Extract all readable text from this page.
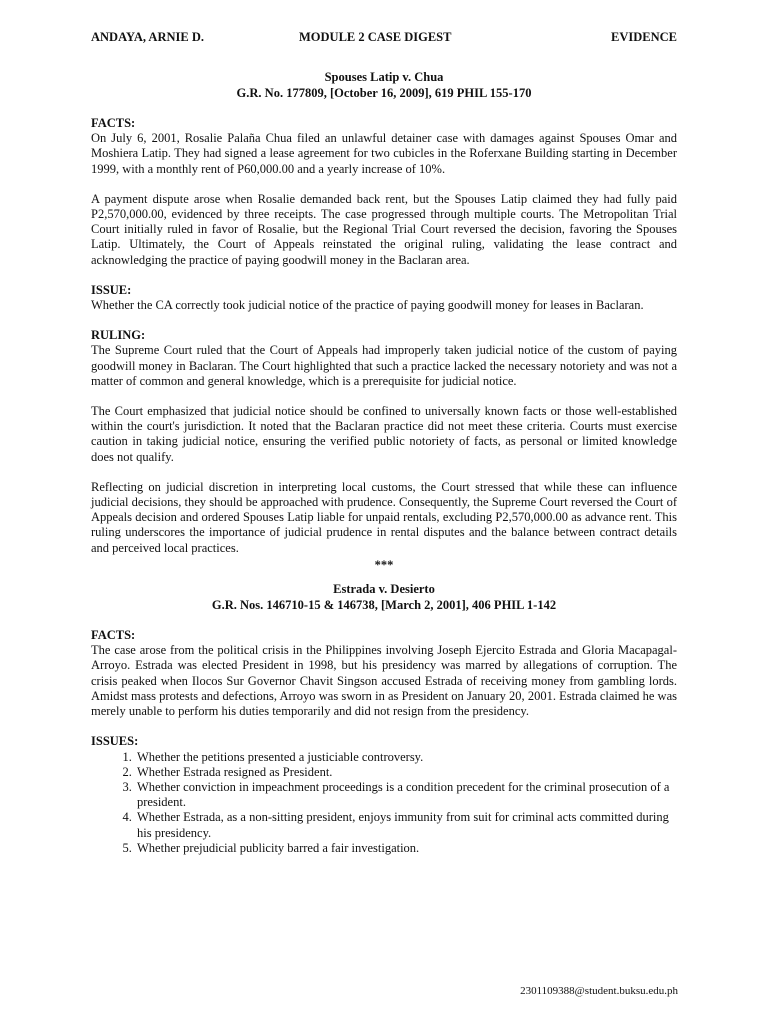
ANDAYA, ARNIE D.	MODULE 2 CASE DIGEST	EVIDENCE
Spouses Latip v. Chua
G.R. No. 177809, [October 16, 2009], 619 PHIL 155-170
FACTS:

On July 6, 2001, Rosalie Palaña Chua filed an unlawful detainer case with damages against Spouses Omar and Moshiera Latip. They had signed a lease agreement for two cubicles in the Roferxane Building starting in December 1999, with a monthly rent of P60,000.00 and a yearly increase of 10%.

A payment dispute arose when Rosalie demanded back rent, but the Spouses Latip claimed they had fully paid P2,570,000.00, evidenced by three receipts. The case progressed through multiple courts. The Metropolitan Trial Court initially ruled in favor of Rosalie, but the Regional Trial Court reversed the decision, favoring the Spouses Latip. Ultimately, the Court of Appeals reinstated the original ruling, validating the lease contract and acknowledging the practice of paying goodwill money in the Baclaran area.

ISSUE:

Whether the CA correctly took judicial notice of the practice of paying goodwill money for leases in Baclaran.

RULING:

The Supreme Court ruled that the Court of Appeals had improperly taken judicial notice of the custom of paying goodwill money in Baclaran. The Court highlighted that such a practice lacked the necessary notoriety and was not a matter of common and general knowledge, which is a prerequisite for judicial notice.

The Court emphasized that judicial notice should be confined to universally known facts or those well-established within the court's jurisdiction. It noted that the Baclaran practice did not meet these criteria. Courts must exercise caution in taking judicial notice, ensuring the verified public notoriety of facts, as personal or limited knowledge does not qualify.

Reflecting on judicial discretion in interpreting local customs, the Court stressed that while these can influence judicial decisions, they should be approached with prudence. Consequently, the Supreme Court reversed the Court of Appeals decision and ordered Spouses Latip liable for unpaid rentals, excluding P2,570,000.00 as advance rent. This ruling underscores the importance of judicial prudence in rental disputes and the balance between contract details and perceived local practices.

***
Estrada v. Desierto
G.R. Nos. 146710-15 & 146738, [March 2, 2001], 406 PHIL 1-142
FACTS:

The case arose from the political crisis in the Philippines involving Joseph Ejercito Estrada and Gloria Macapagal-Arroyo. Estrada was elected President in 1998, but his presidency was marred by allegations of corruption. The crisis peaked when Ilocos Sur Governor Chavit Singson accused Estrada of receiving money from gambling lords. Amidst mass protests and defections, Arroyo was sworn in as President on January 20, 2001. Estrada claimed he was merely unable to perform his duties temporarily and did not resign from the presidency.

ISSUES:
1. Whether the petitions presented a justiciable controversy.
2. Whether Estrada resigned as President.
3. Whether conviction in impeachment proceedings is a condition precedent for the criminal prosecution of a president.
4. Whether Estrada, as a non-sitting president, enjoys immunity from suit for criminal acts committed during his presidency.
5. Whether prejudicial publicity barred a fair investigation.
2301109388@student.buksu.edu.ph
